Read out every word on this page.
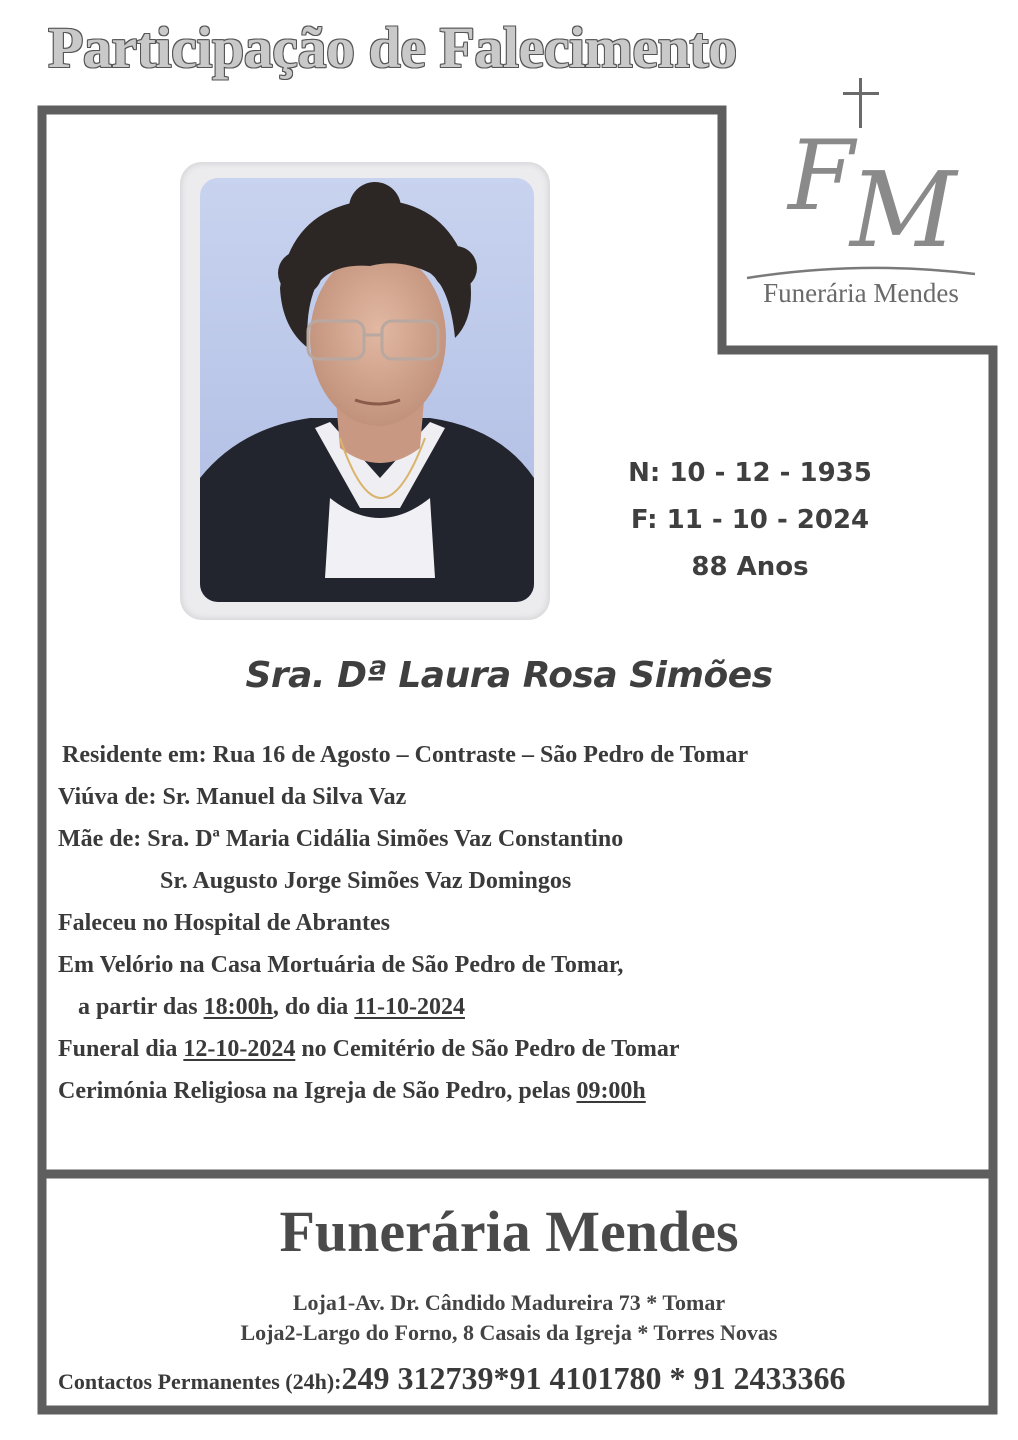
Participação de Falecimento
F
M
Funerária Mendes
N: 10 - 12 - 1935
F: 11 - 10 - 2024
88 Anos
Sra. Dª Laura Rosa Simões
Residente em: Rua 16 de Agosto – Contraste – São Pedro de Tomar
Viúva de: Sr. Manuel da Silva Vaz
Mãe de: Sra. Dª Maria Cidália Simões Vaz Constantino
Sr. Augusto Jorge Simões Vaz Domingos
Faleceu no Hospital de Abrantes
Em Velório na Casa Mortuária de São Pedro de Tomar,
a partir das 18:00h, do dia 11-10-2024
Funeral dia 12-10-2024 no Cemitério de São Pedro de Tomar
Cerimónia Religiosa na Igreja de São Pedro, pelas 09:00h
Funerária Mendes
Loja1-Av. Dr. Cândido Madureira 73 * Tomar
Loja2-Largo do Forno, 8 Casais da Igreja * Torres Novas
Contactos Permanentes (24h):249 312739*91 4101780 * 91 2433366
